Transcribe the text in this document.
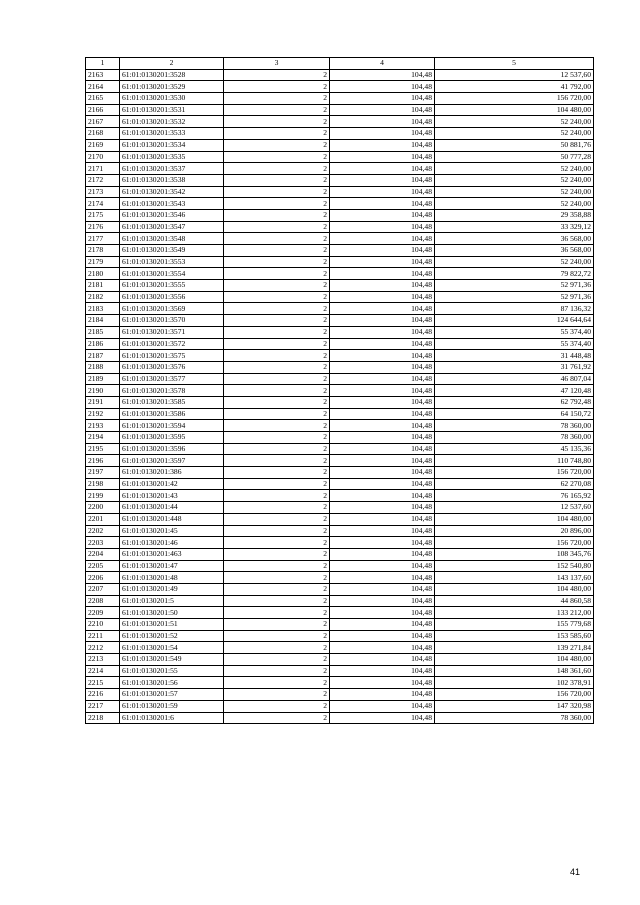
1	2	3	4	5
2163	61:01:0130201:3528	2	104,48	12 537,60
2164	61:01:0130201:3529	2	104,48	41 792,00
2165	61:01:0130201:3530	2	104,48	156 720,00
2166	61:01:0130201:3531	2	104,48	104 480,00
2167	61:01:0130201:3532	2	104,48	52 240,00
2168	61:01:0130201:3533	2	104,48	52 240,00
2169	61:01:0130201:3534	2	104,48	50 881,76
2170	61:01:0130201:3535	2	104,48	50 777,28
2171	61:01:0130201:3537	2	104,48	52 240,00
2172	61:01:0130201:3538	2	104,48	52 240,00
2173	61:01:0130201:3542	2	104,48	52 240,00
2174	61:01:0130201:3543	2	104,48	52 240,00
2175	61:01:0130201:3546	2	104,48	29 358,88
2176	61:01:0130201:3547	2	104,48	33 329,12
2177	61:01:0130201:3548	2	104,48	36 568,00
2178	61:01:0130201:3549	2	104,48	36 568,00
2179	61:01:0130201:3553	2	104,48	52 240,00
2180	61:01:0130201:3554	2	104,48	79 822,72
2181	61:01:0130201:3555	2	104,48	52 971,36
2182	61:01:0130201:3556	2	104,48	52 971,36
2183	61:01:0130201:3569	2	104,48	87 136,32
2184	61:01:0130201:3570	2	104,48	124 644,64
2185	61:01:0130201:3571	2	104,48	55 374,40
2186	61:01:0130201:3572	2	104,48	55 374,40
2187	61:01:0130201:3575	2	104,48	31 448,48
2188	61:01:0130201:3576	2	104,48	31 761,92
2189	61:01:0130201:3577	2	104,48	46 807,04
2190	61:01:0130201:3578	2	104,48	47 120,48
2191	61:01:0130201:3585	2	104,48	62 792,48
2192	61:01:0130201:3586	2	104,48	64 150,72
2193	61:01:0130201:3594	2	104,48	78 360,00
2194	61:01:0130201:3595	2	104,48	78 360,00
2195	61:01:0130201:3596	2	104,48	45 135,36
2196	61:01:0130201:3597	2	104,48	110 748,80
2197	61:01:0130201:386	2	104,48	156 720,00
2198	61:01:0130201:42	2	104,48	62 270,08
2199	61:01:0130201:43	2	104,48	76 165,92
2200	61:01:0130201:44	2	104,48	12 537,60
2201	61:01:0130201:448	2	104,48	104 480,00
2202	61:01:0130201:45	2	104,48	20 896,00
2203	61:01:0130201:46	2	104,48	156 720,00
2204	61:01:0130201:463	2	104,48	108 345,76
2205	61:01:0130201:47	2	104,48	152 540,80
2206	61:01:0130201:48	2	104,48	143 137,60
2207	61:01:0130201:49	2	104,48	104 480,00
2208	61:01:0130201:5	2	104,48	44 860,58
2209	61:01:0130201:50	2	104,48	133 212,00
2210	61:01:0130201:51	2	104,48	155 779,68
2211	61:01:0130201:52	2	104,48	153 585,60
2212	61:01:0130201:54	2	104,48	139 271,84
2213	61:01:0130201:549	2	104,48	104 480,00
2214	61:01:0130201:55	2	104,48	148 361,60
2215	61:01:0130201:56	2	104,48	102 378,91
2216	61:01:0130201:57	2	104,48	156 720,00
2217	61:01:0130201:59	2	104,48	147 320,98
2218	61:01:0130201:6	2	104,48	78 360,00
41
